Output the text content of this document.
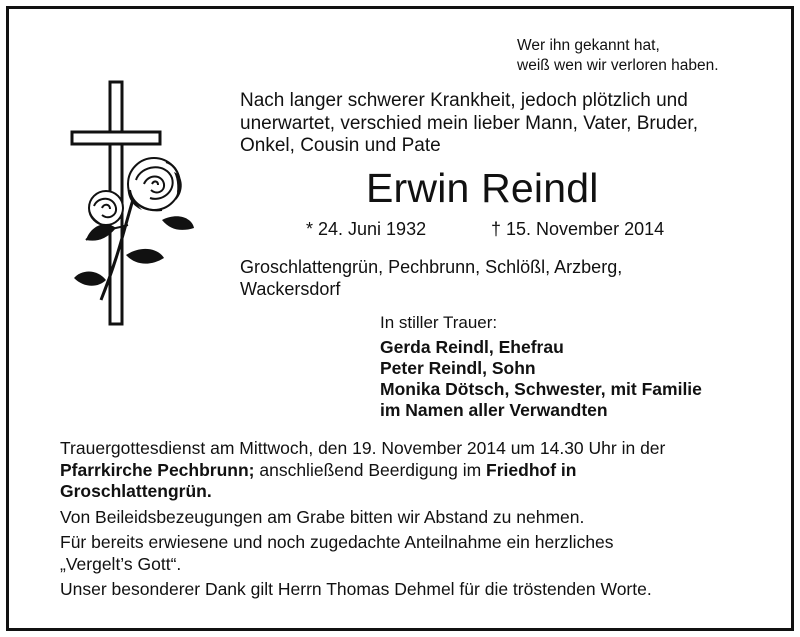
Wer ihn gekannt hat,
weiß wen wir verloren haben.
Nach langer schwerer Krankheit, jedoch plötzlich und
unerwartet, verschied mein lieber Mann, Vater, Bruder,
Onkel, Cousin und Pate
Erwin Reindl
* 24. Juni 1932	† 15. November 2014
Groschlattengrün, Pechbrunn, Schlößl, Arzberg,
Wackersdorf
In stiller Trauer:
Gerda Reindl, Ehefrau
Peter Reindl, Sohn
Monika Dötsch, Schwester, mit Familie
im Namen aller Verwandten

Trauergottesdienst am Mittwoch, den 19. November 2014 um 14.30 Uhr in der

Pfarrkirche Pechbrunn; anschließend Beerdigung im Friedhof in

Groschlattengrün.

Von Beileidsbezeugungen am Grabe bitten wir Abstand zu nehmen.

Für bereits erwiesene und noch zugedachte Anteilnahme ein herzliches

„Vergelt’s Gott“.

Unser besonderer Dank gilt Herrn Thomas Dehmel für die tröstenden Worte.
